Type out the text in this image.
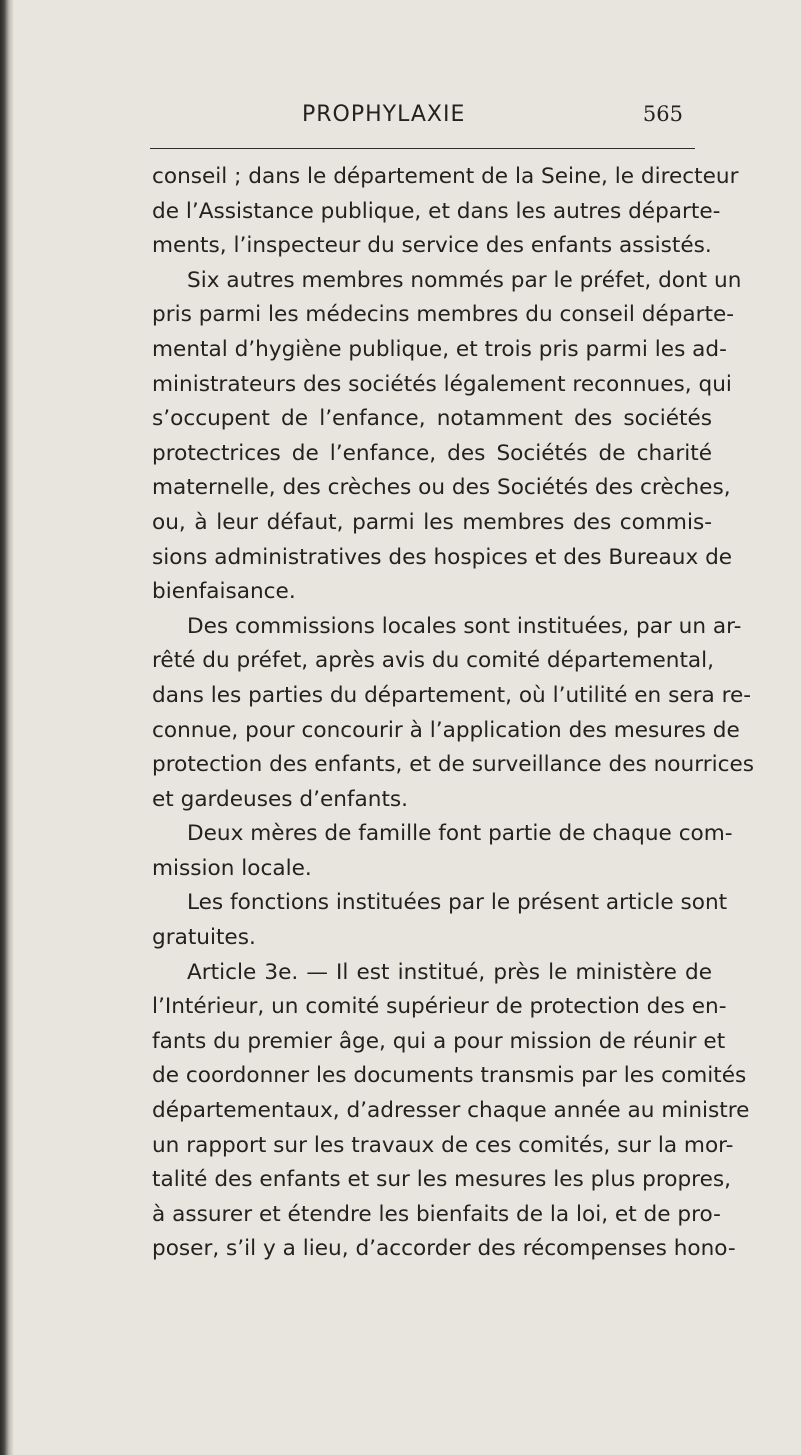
PROPHYLAXIE	565
conseil ; dans le département de la Seine, le directeur
de l’Assistance publique, et dans les autres départe-
ments, l’inspecteur du service des enfants assistés.
Six autres membres nommés par le préfet, dont un
pris parmi les médecins membres du conseil départe-
mental d’hygiène publique, et trois pris parmi les ad-
ministrateurs des sociétés légalement reconnues, qui
s’occupent de l’enfance, notamment des sociétés
protectrices de l’enfance, des Sociétés de charité
maternelle, des crèches ou des Sociétés des crèches,
ou, à leur défaut, parmi les membres des commis-
sions administratives des hospices et des Bureaux de
bienfaisance.
Des commissions locales sont instituées, par un ar-
rêté du préfet, après avis du comité départemental,
dans les parties du département, où l’utilité en sera re-
connue, pour concourir à l’application des mesures de
protection des enfants, et de surveillance des nourrices
et gardeuses d’enfants.
Deux mères de famille font partie de chaque com-
mission locale.
Les fonctions instituées par le présent article sont
gratuites.
Article 3e. — Il est institué, près le ministère de
l’Intérieur, un comité supérieur de protection des en-
fants du premier âge, qui a pour mission de réunir et
de coordonner les documents transmis par les comités
départementaux, d’adresser chaque année au ministre
un rapport sur les travaux de ces comités, sur la mor-
talité des enfants et sur les mesures les plus propres,
à assurer et étendre les bienfaits de la loi, et de pro-
poser, s’il y a lieu, d’accorder des récompenses hono-
